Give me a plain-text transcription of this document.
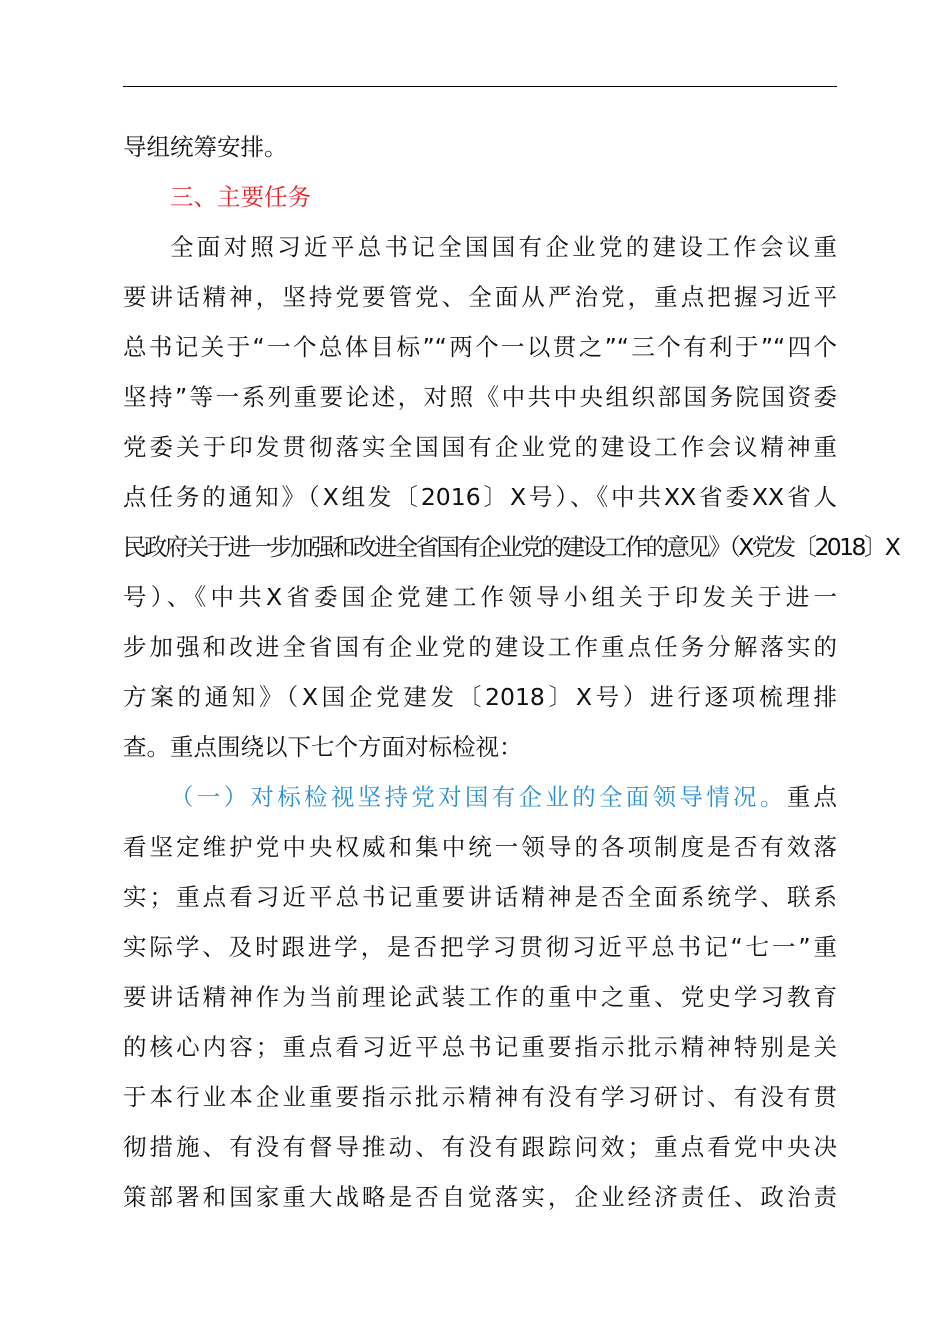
导组统筹安排。
三、主要任务
全面对照习近平总书记全国国有企业党的建设工作会议重
要讲话精神，坚持党要管党、全面从严治党，重点把握习近平
总书记关于“一个总体目标”“两个一以贯之”“三个有利于”“四个
坚持”等一系列重要论述，对照《中共中央组织部国务院国资委
党委关于印发贯彻落实全国国有企业党的建设工作会议精神重
点任务的通知》（X组发〔2016〕X号）、《中共XX省委XX省人
民政府关于进一步加强和改进全省国有企业党的建设工作的意见》（X党发〔2018〕X
号）、《中共X省委国企党建工作领导小组关于印发关于进一
步加强和改进全省国有企业党的建设工作重点任务分解落实的
方案的通知》（X国企党建发〔2018〕X号）进行逐项梳理排
查。重点围绕以下七个方面对标检视：
（一）对标检视坚持党对国有企业的全面领导情况。重点
看坚定维护党中央权威和集中统一领导的各项制度是否有效落
实；重点看习近平总书记重要讲话精神是否全面系统学、联系
实际学、及时跟进学，是否把学习贯彻习近平总书记“七一”重
要讲话精神作为当前理论武装工作的重中之重、党史学习教育
的核心内容；重点看习近平总书记重要指示批示精神特别是关
于本行业本企业重要指示批示精神有没有学习研讨、有没有贯
彻措施、有没有督导推动、有没有跟踪问效；重点看党中央决
策部署和国家重大战略是否自觉落实，企业经济责任、政治责
